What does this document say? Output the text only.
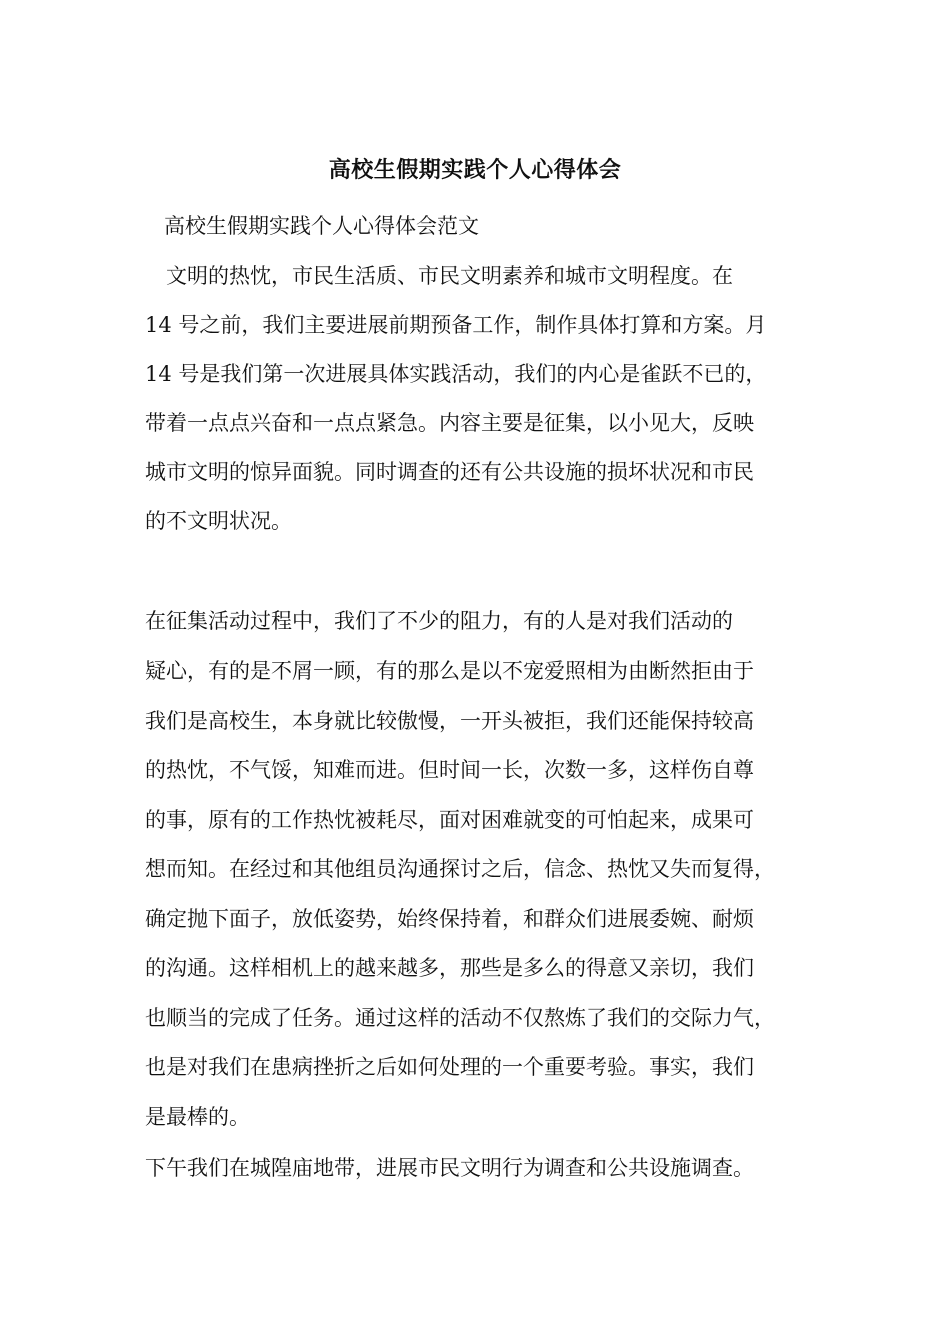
高校生假期实践个人心得体会
高校生假期实践个人心得体会范文
　文明的热忱，市民生活质、市民文明素养和城市文明程度。在
14 号之前，我们主要进展前期预备工作，制作具体打算和方案。月
14 号是我们第一次进展具体实践活动，我们的内心是雀跃不已的，
带着一点点兴奋和一点点紧急。内容主要是征集，以小见大，反映
城市文明的惊异面貌。同时调查的还有公共设施的损坏状况和市民
的不文明状况。
在征集活动过程中，我们了不少的阻力，有的人是对我们活动的
疑心，有的是不屑一顾，有的那么是以不宠爱照相为由断然拒由于
我们是高校生，本身就比较傲慢，一开头被拒，我们还能保持较高
的热忱，不气馁，知难而进。但时间一长，次数一多，这样伤自尊
的事，原有的工作热忱被耗尽，面对困难就变的可怕起来，成果可
想而知。在经过和其他组员沟通探讨之后，信念、热忱又失而复得，
确定抛下面子，放低姿势，始终保持着，和群众们进展委婉、耐烦
的沟通。这样相机上的越来越多，那些是多么的得意又亲切，我们
也顺当的完成了任务。通过这样的活动不仅熬炼了我们的交际力气，
也是对我们在患病挫折之后如何处理的一个重要考验。事实，我们
是最棒的。
下午我们在城隍庙地带，进展市民文明行为调查和公共设施调查。
